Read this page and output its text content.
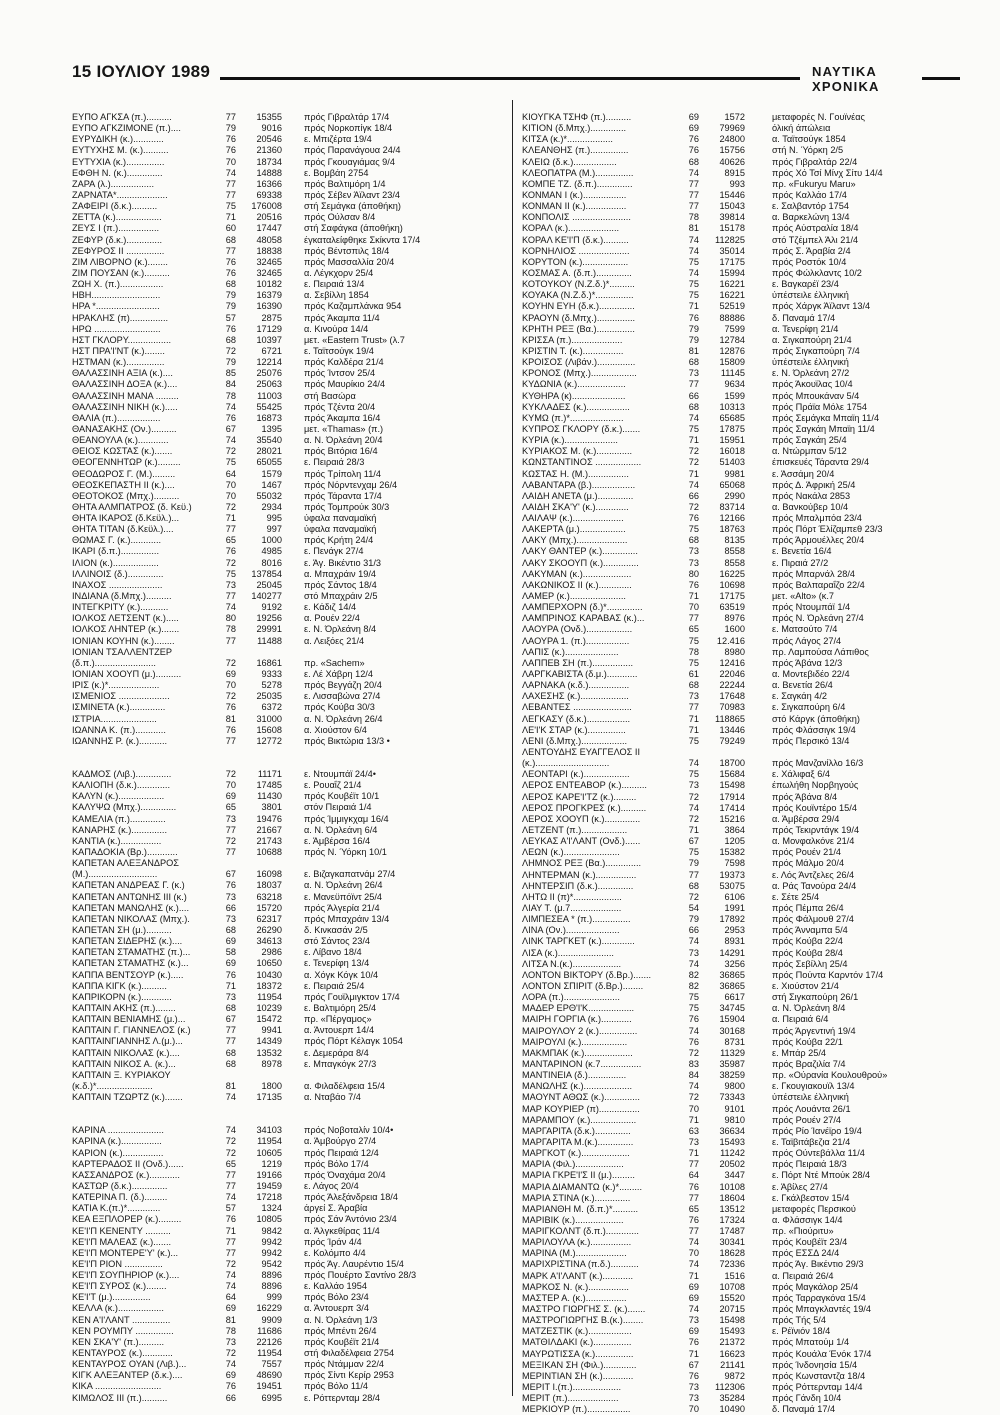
15 ΙΟΥΛΙΟΥ 1989	ΝΑΥΤΙΚΑ ΧΡΟΝΙΚΑ
ΕΥΠΟ ΑΓΚΣΑ (π.)..........	77	15355 πρός Γιβραλτάρ 17/4
ΕΥΠΟ ΑΓΚΖΙΜΟΝΕ (π.)....	79	9016 πρός Νορκοπίγκ 18/4
ΕΥΡΥΔΙΚΗ (κ.)............	76	20546 ε. Μπιζέρτα 19/4
ΕΥΤΥΧΗΣ Μ. (κ.)..........	76	21360 πρός Παρανάγουα 24/4
ΕΥΤΥΧΙΑ (κ.)...............	70	18734 πρός Γκουαγιάμας 9/4
ΕΦΘΗ Ν. (κ.)..............	74	14888 ε. Βομβάη 2754
ΖΑΡΑ (λ.).................	77	16366 πρός Βαλτιμόρη 1/4
ΖΑΡΝΑΤΑ*....................	77	69338 πρός Σέβεν Άϊλαντ 23/4
ΖΑΦΕΙΡΙ (δ.κ.)..........	75	176008 στή Σεμάγκα (άποθήκη)
ΖΕΤΤΑ (κ.)..................	71	20516 πρός Ούλσαν 8/4
ΖΕΥΣ Ι (π.)................	60	17447 στή Σαφάγκα (άποθήκη)
ΖΕΦΥΡ (δ.κ.)..............	68	48058 έγκαταλείφθηκε Σκίκντα 17/4
ΖΕΦΥΡΟΣ ΙΙ ...............	77	18838 πρός Βέντσπιλς 18/4
ΖΙΜ ΛΙΒΟΡΝΟ (κ.)........	76	32465 πρός Μασσαλλία 20/4
ΖΙΜ ΠΟΥΣΑΝ (κ.)..........	76	32465 α. Λέγκχορν 25/4
ΖΩΗ Χ. (π.).................	68	10182 ε. Πειραιά 13/4
ΗΒΗ...........................	79	16379 α. Σεβίλλη 1854
ΗΡΑ *.........................	79	16390 πρός Καζαμπλάνκα 954
ΗΡΑΚΛΗΣ (π)...............	57	2875 πρός Άκαμπα 11/4
ΗΡΩ ..........................	76	17129 α. Κινούρα 14/4
ΗΣΤ ΓΚΛΟΡΥ.................	68	10397 μετ. «Eastern Trust» (λ.7
ΗΣΤ ΠΡΑ'Ι'ΝΤ (κ.)........	72	6721 ε. Ταϊτσούγκ 19/4
ΗΣΤΜΑΝ (κ.)...............	79	12214 πρός Καλδέρα 21/4
ΘΑΛΑΣΣΙΝΗ ΑΞΙΑ (κ.)....	85	25076 πρός Ίντσον 25/4
ΘΑΛΑΣΣΙΝΗ ΔΟΞΑ (κ.)....	84	25063 πρός Μαυρίκιο 24/4
ΘΑΛΑΣΣΙΝΗ ΜΑΝΑ .........	78	11003 στή Βασώρα
ΘΑΛΑΣΣΙΝΗ ΝΙΚΗ (κ.).....	74	55425 πρός Τζέντα 20/4
ΘΑΛΙΑ (π.).................	76	16873 πρός Άκαμπα 16/4
ΘΑΝΑΣΑΚΗΣ (Ον.)..........	67	1395 μετ. «Thamas» (π.)
ΘΕΑΝΟΥΛΑ (κ.)............	74	35540 α. Ν. Όρλεάνη 20/4
ΘΕΙΟΣ ΚΩΣΤΑΣ (κ.).......	72	28021 πρός Βιτόρια 16/4
ΘΕΟΓΕΝΝΗΤΩΡ (κ.).........	75	65055 ε. Πειραιά 28/3
ΘΕΟΔΩΡΟΣ Γ. (Μ.).........	64	1579 πρός Τρίπολη 11/4
ΘΕΟΣΚΕΠΑΣΤΗ ΙΙ (κ.)....	70	1467 πρός Νόρντενχαμ 26/4
ΘΕΟΤΟΚΟΣ (Μπχ.)..........	70	55032 πρός Τάραντα 17/4
ΘΗΤΑ ΑΛΜΠΑΤΡΟΣ (δ. Κεϋ.)	72	2934 πρός Τομπρούκ 30/3
ΘΗΤΑ ΙΚΑΡΟΣ (δ.Κεϋλ.)...	71	995 ύφαλα παναμαϊκή
ΘΗΤΑ ΤΙΤΑΝ (δ.Κεϋλ.)....	77	997 ύφαλα παναμαϊκή
ΘΩΜΑΣ Γ. (κ.)............	65	1000 πρός Κρήτη 24/4
ΙΚΑΡΙ (δ.π.)...............	76	4985 ε. Πενάγκ 27/4
ΙΛΙΟΝ (κ.)..................	72	8016 ε. Άγ. Βικέντιο 31/3
ΙΛΛΙΝΟΙΣ (δ.)..............	75	137854 α. Μπαχράιν 19/4
ΙΝΑΧΟΣ .....................	73	25045 πρός Σάντος 18/4
ΙΝΔΙΑΝΑ (δ.Μπχ.)..........	77	140277 στό Μπαχράιν 2/5
ΙΝΤΕΓΚΡΙΤΥ (κ.)...........	74	9192 ε. Κάδιζ 14/4
ΙΟΛΚΟΣ ΛΕΤΣΕΝΤ (κ.).....	80	19256 α. Ρουέν 22/4
ΙΟΛΚΟΣ ΛΗΝΤΕΡ (κ.).......	78	29991 ε. Ν. Όρλεάνη 8/4
ΙΟΝΙΑΝ ΚΟΥΗΝ (κ.)........	77	11488 α. Λειξόες 21/4
ΙΟΝΙΑΝ ΤΣΑΛΛΕΝΤΖΕΡ
(δ.π.)........................	72	16861 πρ. «Sachem»
ΙΟΝΙΑΝ ΧΟΟΥΠ (μ.)..........	69	9333 ε. Λέ Χάβρη 12/4
ΙΡΙΣ (κ.)*....................	70	5278 πρός Βεγγάζη 20/4
ΙΣΜΕΝΙΟΣ ....................	72	25035 ε. Λισσαβώνα 27/4
ΙΣΜΙΝΕΤΑ (κ.)..............	76	6372 πρός Κούβα 30/3
ΙΣΤΡΙΑ......................	81	31000 α. Ν. Όρλεάνη 26/4
ΙΩΑΝΝΑ Κ. (π.)............	76	15608 α. Χιούστον 6/4
ΙΩΑΝΝΗΣ Ρ. (κ.)...........	77	12772 πρός Βικτώρια 13/3 •
ΚΑΔΜΟΣ (Λιβ.)..............	72	11171 ε. Ντουμπάϊ 24/4•
ΚΑΛΙΟΠΗ (δ.κ.).............	70	17485 ε. Ρουαΐζ 21/4
ΚΑΛΥΝ (κ.)..................	69	11430 πρός Κουβέϊτ 10/1
ΚΑΛΥΨΩ (Μπχ.)..............	65	3801 στόν Πειραιά 1/4
ΚΑΜΕΛΙΑ (π.)..............	73	19476 πρός Ίμμιγκχαμ 16/4
ΚΑΝΑΡΗΣ (κ.)..............	77	21667 α. Ν. Όρλεάνη 6/4
ΚΑΝΤΙΑ (κ.)................	72	21743 ε. Άμβέρσα 16/4
ΚΑΠΑΔΟΚΙΑ (Βρ.)............	77	10688 πρός Ν. Ύόρκη 10/1
ΚΑΠΕΤΑΝ ΑΛΕΞΑΝΔΡΟΣ
(Μ.)...........................	67	16098 ε. Βιζαγκαπατνάμ 27/4
ΚΑΠΕΤΑΝ ΑΝΔΡΕΑΣ Γ. (κ.)	76	18037 α. Ν. Όρλεάνη 26/4
ΚΑΠΕΤΑΝ ΑΝΤΩΝΗΣ ΙΙΙ (κ.)	73	63218 ε. Μανεϋπόϊντ 25/4
ΚΑΠΕΤΑΝ ΜΑΝΩΛΗΣ (κ.)....	66	15720 πρός Άλγερία 21/4
ΚΑΠΕΤΑΝ ΝΙΚΟΛΑΣ (Μπχ.).	73	62317 πρός Μπαχράιν 13/4
ΚΑΠΕΤΑΝ ΣΗ (μ.)..........	68	26290 δ. Κινκασάν 2/5
ΚΑΠΕΤΑΝ ΣΙΔΕΡΗΣ (κ.)....	69	34613 στό Σάντος 23/4
ΚΑΠΕΤΑΝ ΣΤΑΜΑΤΗΣ (π.)...	58	2986 ε. Λίβανο 18/4
ΚΑΠΕΤΑΝ ΣΤΑΜΑΤΗΣ (κ.)...	69	10650 ε. Τενερίφη 13/4
ΚΑΠΠΑ ΒΕΝΤΣΟΥΡ (κ.).....	76	10430 α. Χόγκ Κόγκ 10/4
ΚΑΠΠΑ ΚΙΓΚ (κ.)..........	71	18372 ε. Πειραιά 25/4
ΚΑΠΡΙΚΟΡΝ (κ.)............	73	11954 πρός Γουϊλμιγκτον 17/4
ΚΑΠΤΑΙΝ ΑΚΗΣ (π.)........	68	10239 ε. Βαλτιμόρη 25/4
ΚΑΠΤΑΙΝ ΒΕΝΙΑΜΗΣ (μ.)...	67	15472 πρ. «Πέργαμος»
ΚΑΠΤΑΙΝ Γ. ΓΙΑΝΝΕΛΟΣ (κ.)	77	9941 α. Άντουερπ 14/4
ΚΑΠΤΑΙΝΓΙΑΝΝΗΣ Λ.(μ.)...	77	14349 πρός Πόρτ Κέλαγκ 1054
ΚΑΠΤΑΙΝ ΝΙΚΟΛΑΣ (κ.)....	68	13532 ε. Δεμεράρα 8/4
ΚΑΠΤΑΙΝ ΝΙΚΟΣ Α. (κ.)...	68	8978 ε. Μπαγκόγκ 27/3
ΚΑΠΤΑΙΝ Ξ. ΚΥΡΙΑΚΟΥ
(κ.δ.)*......................	81	1800 α. Φιλαδέλφεια 15/4
ΚΑΠΤΑΙΝ ΤΖΩΡΤΖ (κ.).......	74	17135 α. Νταβάο 7/4
ΚΑΡΙΝΑ ......................	74	34103 πρός Νοβοταλίν 10/4•
ΚΑΡΙΝΑ (κ.)................	72	11954 α. Άμβούργο 27/4
ΚΑΡΙΟΝ (κ.)................	72	10605 πρός Πειραιά 12/4
ΚΑΡΤΕΡΑΔΟΣ ΙΙ (Ονδ.)......	65	1219 πρός Βόλο 17/4
ΚΑΣΣΑΝΔΡΟΣ (κ.)............	77	19166 πρός Όναχάμα 20/4
ΚΑΣΤΩΡ (δ.κ.)..............	77	19459 ε. Λάγος 20/4
ΚΑΤΕΡΙΝΑ Π. (δ.).........	74	17218 πρός Άλεξάνδρεια 18/4
ΚΑΤΙΑ Κ.(π.)*.............	57	1324 άργεί Σ. Άραβία
ΚΕΑ ΕΞΠΛΟΡΕΡ (κ.).........	76	10805 πρός Σάν Άντόνιο 23/4
ΚΕ'Ι'Π ΚΕΝΕΝΤΥ ..........	71	9842 α. Άλγκεθίρας 11/4
ΚΕ'Ι'Π ΜΑΛΕΑΣ (κ.).......	77	9942 πρός Ίράν 4/4
ΚΕ'Ι'Π ΜΟΝΤΕΡΕ'Υ' (κ.)...	77	9942 ε. Κολόμπο 4/4
ΚΕ'Ι'Π ΡΙΟΝ ...............	72	9542 πρός Άγ. Λαυρέντιο 15/4
ΚΕ'Ι'Π ΣΟΥΠΗΡΙΟΡ (κ.)....	74	8896 πρός Πουέρτο Σαντίνο 28/3
ΚΕ'Ι'Π ΣΥΡΟΣ (κ.)........	74	8896 ε. Καλλάο 1954
ΚΕ'Ι'Τ (μ.)...............	64	999 πρός Βόλο 23/4
ΚΕΛΛΑ (κ.)..................	69	16229 α. Άντουερπ 3/4
ΚΕΝ Α'Ι'ΛΑΝΤ ...............	81	9909 α. Ν. Όρλεάνη 1/3
ΚΕΝ ΡΟΥΜΠΥ ...............	78	11686 πρός Μπέντι 26/4
ΚΕΝ ΣΚΑ'Υ' (π.)..........	73	22126 πρός Κουβέϊτ 21/4
ΚΕΝΤΑΥΡΟΣ (κ.)............	72	11954 στή Φιλαδέλφεια 2754
ΚΕΝΤΑΥΡΟΣ ΟΥΑΝ (Λιβ.)...	74	7557 πρός Ντάμμαν 22/4
ΚΙΓΚ ΑΛΕΞΑΝΤΕΡ (δ.κ.)....	69	48690 πρός Σίντι Κερίρ 2953
ΚΙΚΑ ..........................	76	19451 πρός Βόλο 11/4
ΚΙΜΩΛΟΣ ΙΙΙ (π.)..........	66	6995 ε. Ρόττερνταμ 28/4
ΚΙΟΥΓΚΑ ΤΣΗΦ (π.)..........	69	1572	μεταφορές Ν. Γουϊνέας
ΚΙΤΙΟΝ (δ.Μπχ.)..............	69	79969	όλική άπώλεια
ΚΙΤΣΑ (κ.)*..................	76	24800	α. Ταϊτσούγκ 1854
ΚΛΕΑΝΘΗΣ (π.)...............	76	15756	στή Ν. Ύόρκη 2/5
ΚΛΕΙΩ (δ.κ.).................	68	40626	πρός Γιβραλτάρ 22/4
ΚΛΕΟΠΑΤΡΑ (Μ.)...............	74	8915	πρός Χό Τσί Μίνχ Σίτυ 14/4
ΚΟΜΠΕ ΤΖ. (δ.π.)..............	77	993	πρ. «Fukuryu Maru»
ΚΟΝΜΑΝ Ι (κ.).................	77	15446	πρός Καλλάο 17/4
ΚΟΝΜΑΝ ΙΙ (κ.)................	77	15043	ε. Σαλβαντόρ 1754
ΚΟΝΠΟΛΙΣ .......................	78	39814	α. Βαρκελώνη 13/4
ΚΟΡΑΛ (κ.)....................	81	15178	πρός Αύστραλία 18/4
ΚΟΡΑΛ ΚΕ'Ι'Π (δ.κ.)..........	74	112825	στό Τζέμπελ Άλι 21/4
ΚΟΡΝΗΛΙΟΣ ....................	74	35014	πρός Σ. Άραβία 2/4
ΚΟΡΥΤΟΝ (κ.)..................	75	17175	πρός Ροστόκ 10/4
ΚΟΣΜΑΣ Α. (δ.π.)..............	74	15994	πρός Φώλκλαντς 10/2
ΚΟΤΟΥΚΟΥ (Ν.Ζ.δ.)*..........	75	16221	ε. Βαγκαρέϊ 23/4
ΚΟΥΑΚΑ (Ν.Ζ.δ.)*...............	75	16221	ύπέστειλε έλληνική
ΚΟΥΗΝ ΕΥΗ (δ.κ.)..............	71	52519	πρός Χάργκ Άϊλαντ 13/4
ΚΡΑΟΥΝ (δ.Μπχ.)...............	76	88886	δ. Παναμά 17/4
ΚΡΗΤΗ ΡΕΞ (Βα.)...............	79	7599	α. Τενερίφη 21/4
ΚΡΙΣΣΑ (π.)....................	79	12784	α. Σιγκαπούρη 21/4
ΚΡΙΣΤΙΝ Τ. (κ.)................	81	12876	πρός Σιγκαπούρη 7/4
ΚΡΟΙΣΟΣ (Λιβάν.)...............	68	15809	ύπέστειλε έλληνική
ΚΡΟΝΟΣ (Μπχ.)..................	73	11145	ε. Ν. Όρλεάνη 27/2
ΚΥΔΩΝΙΑ (κ.)...................	77	9634	πρός Άκουϊλας 10/4
ΚΥΘΗΡΑ (κ).....................	66	1599	πρός Μπουκάναν 5/4
ΚΥΚΛΑΔΕΣ (κ.).................	68	10313	πρός Πράϊα Μόλε 1754
ΚΥΜΩ (π.)*.....................	74	65685	πρός Σεμάγκα Μπαϊη 11/4
ΚΥΠΡΟΣ ΓΚΛΟΡΥ (δ.κ.).......	75	17875	πρός Σαγκάη Μπαϊη 11/4
ΚΥΡΙΑ (κ.).....................	71	15951	πρός Σαγκάη 25/4
ΚΥΡΙΑΚΟΣ Μ. (κ.)..............	72	16018	α. Ντώρμπαν 5/12
ΚΩΝΣΤΑΝΤΙΝΟΣ ..................	72	51403	έπισκευές Τάραντα 29/4
ΚΩΣΤΑΣ Η. (Μ.)................	71	9981	ε. Άσσάμη 20/4
ΛΑΒΑΝΤΑΡΑ (β.).................	74	65068	πρός Δ. Άφρική 25/4
ΛΑΙΔΗ ΑΝΕΤΑ (μ.)..............	66	2990	πρός Νακάλα 2853
ΛΑΙΔΗ ΣΚΑ'Υ' (κ.).............	72	83714	α. Βανκούβερ 10/4
ΛΑΙΛΑΨ (κ.)....................	76	12166	πρός Μπαλμπόα 23/4
ΛΑΚΕΡΤΑ (μ.)..................	75	18763	πρός Πόρτ Έλίζαμπεθ 23/3
ΛΑΚΥ (Μπχ.)....................	68	8135	πρός Άρμουέλλες 20/4
ΛΑΚΥ ΘΑΝΤΕΡ (κ.)..............	73	8558	ε. Βενετία 16/4
ΛΑΚΥ ΣΚΟΟΥΠ (κ.)..............	73	8558	ε. Πιραιά 27/2
ΛΑΚΥΜΑΝ (κ.)...................	80	16225	πρός Μπαρνάλ 28/4
ΛΑΚΩΝΙΚΟΣ ΙΙ (κ.).............	76	10698	πρός Βαλπαραΐζο 22/4
ΛΑΜΕΡ (κ.)......................	71	17175	μετ. «Alto» (κ.7
ΛΑΜΠΕΡΧΟΡΝ (δ.)*..............	70	63519	πρός Ντουμπάϊ 1/4
ΛΑΜΠΡΙΝΟΣ ΚΑΡΑΒΑΣ (κ.)...	77	8976	πρός Ν. Όρλεάνη 27/4
ΛΑΟΥΡΑ (Ονδ.)..................	65	1600	ε. Ματσούτο 7/4
ΛΑΟΥΡΑ 1. (π.).................	75	12.416	πρός Λάγος 27/4
ΛΑΠΙΣ (κ.).....................	78	8980	πρ. Λαμπούσα Λάπιθος
ΛΑΠΠΕΒ ΣΗ (π.)................	75	12416	πρός Άβάνα 12/3
ΛΑΡΓΚΑΒΙΣΤΑ (δ.μ.)............	61	22046	α. Μοντεβιδέο 22/4
ΛΑΡΝΑΚΑ (κ.δ.)................	68	22244	α. Βενετία 26/4
ΛΑΧΕΣΗΣ (κ.)...................	73	17648	ε. Σαγκάη 4/2
ΛΕΒΑΝΤΕΣ .......................	77	70983	ε. Σιγκαπούρη 6/4
ΛΕΓΚΑΣΥ (δ.κ.).................	71	118865	στό Κάργκ (άποθήκη)
ΛΕ'Ι'Κ ΣΤΑΡ (κ.)...............	71	13446	πρός Φλάσσιγκ 19/4
ΛΕΝΙ (δ.Μπχ.)..................	75	79249	πρός Περσικό 13/4
ΛΕΝΤΟΥΔΗΣ ΕΥΑΓΓΕΛΟΣ ΙΙ
(κ.).............................	74	18700	πρός Μανζανίλλο 16/3
ΛΕΟΝΤΑΡΙ (κ.)..................	75	15684	ε. Χάλιφαξ 6/4
ΛΕΡΟΣ ΕΝΤΕΑΒΟΡ (κ.)..........	73	15498	έπωλήθη Νορβηγούς
ΛΕΡΟΣ ΚΑΡΕ'Ι'ΤΖ (κ.).........	72	17914	πρός Άβάνα 8/4
ΛΕΡΟΣ ΠΡΟΓΚΡΕΣ (κ.)..........	74	17414	πρός Κουϊντέρο 15/4
ΛΕΡΟΣ ΧΟΟΥΠ (κ.)..............	72	15216	α. Άμβέρσα 29/4
ΛΕΤΖΕΝΤ (π.)..................	71	3864	πρός Τεκιρντάγκ 19/4
ΛΕΥΚΑΣ Α'Ι'ΛΑΝΤ (Ονδ.)......	67	1205	α. Μονφαλκόνε 21/4
ΛΕΩΝ (κ.)......................	75	15382	πρός Ρουέν 21/4
ΛΗΜΝΟΣ ΡΕΞ (Βα.)..............	79	7598	πρός Μάλμο 20/4
ΛΗΝΤΕΡΜΑΝ (κ.)................	77	19373	ε. Λός Άντζελες 26/4
ΛΗΝΤΕΡΣΙΠ (δ.κ.)..............	68	53075	α. Ράς Τανούρα 24/4
ΛΗΤΩ ΙΙ (π)*...................	72	6106	ε. Σέτε 25/4
ΛΙΑΥ Τ. (μ.7....................	54	1991	πρός Πέμπα 26/4
ΛΙΜΠΕΣΕΑ * (π.)...............	79	17892	πρός Φάλμουθ 27/4
ΛΙΝΑ (Ον.).....................	66	2953	πρός Άνναμπα 5/4
ΛΙΝΚ ΤΑΡΓΚΕΤ (κ.).............	74	8931	πρός Κούβα 22/4
ΛΙΣΑ (κ.)......................	73	14291	πρός Κούβα 28/4
ΛΙΤΣΑ Ν.(κ.)...................	74	3256	πρός Σεβίλλη 25/4
ΛΟΝΤΟΝ ΒΙΚΤΟΡΥ (δ.Βρ.).......	82	36865	πρός Πούντα Καρντόν 17/4
ΛΟΝΤΟΝ ΣΠΙΡΙΤ (δ.Βρ.)........	82	36865	ε. Χιούστον 21/4
ΛΟΡΑ (π.)......................	75	6617	στή Σιγκαπούρη 26/1
ΜΑΔΕΡ ΕΡΘ'Ι'Κ..................	75	34745	α. Ν. Όρλεάνη 8/4
ΜΑΙΡΗ ΓΟΡΓΙΑ (κ.)............	76	15904	α. Πειραιά 6/4
ΜΑΙΡΟΥΛΟΥ 2 (κ.)...............	74	30168	πρός Άργεντινή 19/4
ΜΑΙΡΟΥΛΙ (κ.)..................	76	8731	πρός Κούβα 22/1
ΜΑΚΜΠΑΚ (κ.)...................	72	11329	ε. Μπάρ 25/4
ΜΑΝΤΑΡΙΝΟΝ (κ.7................	83	35987	πρός Βραζιλία 7/4
ΜΑΝΤΙΝΕΙΑ (δ.)...............	84	38259	πρ. «Ούρανία Κουλουθρού»
ΜΑΝΩΛΗΣ (κ.)...................	74	9800	ε. Γκουγιακουϊλ 13/4
ΜΑΟΥΝΤ ΑΘΩΣ (κ.)..............	72	73343	ύπέστειλε έλληνική
ΜΑΡ ΚΟΥΡΙΕΡ (π)................	70	9101	πρός Λουάντα 26/1
ΜΑΡΑΜΠΟΥ (κ.)..................	71	9810	πρός Ρουέν 27/4
ΜΑΡΓΑΡΙΤΑ (δ.κ.)..............	63	36634	πρός Ρίο Ίανέϊρο 19/4
ΜΑΡΓΑΡΙΤΑ Μ.(κ.)..............	73	15493	ε. Ταϊβιτάβεζια 21/4
ΜΑΡΓΚΟΤ (κ.)...................	71	11242	πρός Ούντεβάλλα 11/4
ΜΑΡΙΑ (Φιλ.)...................	77	20502	πρός Πειραιά 18/3
ΜΑΡΙΑ ΓΚΡΕ'Ι'Σ ΙΙ (μ.).........	64	3447	ε. Πόρτ Ντέ Μπούκ 28/4
ΜΑΡΙΑ ΔΙΑΜΑΝΤΩ (κ.)*.........	76	10108	ε. Άβίλες 27/4
ΜΑΡΙΑ ΣΤΙΝΑ (κ.)..............	77	18604	ε. Γκάλβεστον 15/4
ΜΑΡΙΑΝΘΗ Μ. (δ.π.)*..........	65	13512	μεταφορές Περσικού
ΜΑΡΙΒΙΚ (κ.)...................	76	17324	α. Φλάσσιγκ 14/4
ΜΑΡΙΓΚΟΛΝΤ (δ.π.).............	77	17487	πρ. «Πιούριτυ»
ΜΑΡΙΛΟΥΛΑ (κ.)................	74	30341	πρός Κουβέϊτ 23/4
ΜΑΡΙΝΑ (Μ.)....................	70	18628	πρός ΕΣΣΔ 24/4
ΜΑΡΙΧΡΙΣΤΙΝΑ (π.δ.)...........	74	72336	πρός Άγ. Βικέντιο 29/3
ΜΑΡΚ Α'Ι'ΛΑΝΤ (κ.)............	71	1516	α. Πειραιά 26/4
ΜΑΡΚΟΣ Ν. (κ.)................	69	10708	πρός Μαγκάλορ 25/4
ΜΑΣΤΕΡ Α. (κ.)................	69	15520	πρός Ταρραγκόνα 15/4
ΜΑΣΤΡΟ ΓΙΩΡΓΗΣ Σ. (κ.).......	74	20715	πρός Μπαγκλαντές 19/4
ΜΑΣΤΡΟΓΙΩΡΓΗΣ Β.(κ.)........	73	15498	πρός Τής 5/4
ΜΑΤΖΕΣΤΙΚ (κ.).................	69	15493	ε. Ρέϊνιόν 18/4
ΜΑΤΘΙΛΔΑΚΙ (κ.)...............	76	21372	πρός Μπατούμ 1/4
ΜΑΥΡΩΤΙΣΣΑ (κ.)...............	71	16623	πρός Κουάλα Ένόκ 17/4
ΜΕΞΙΚΑΝ ΣΗ (Φιλ.).............	67	21141	πρός Ίνδονησία 15/4
ΜΕΡΙΝΤΙΑΝ ΣΗ (κ.)............	76	9872	πρός Κωνσταντζα 18/4
ΜΕΡΙΤ Ι.(π.)...................	73	112306	πρός Ρόττερνταμ 14/4
ΜΕΡΙΤ (π.)....................	73	35284	πρός Γάνδη 10/4
ΜΕΡΚΙΟΥΡ (π.).................	70	10490	δ. Παναμά 17/4
